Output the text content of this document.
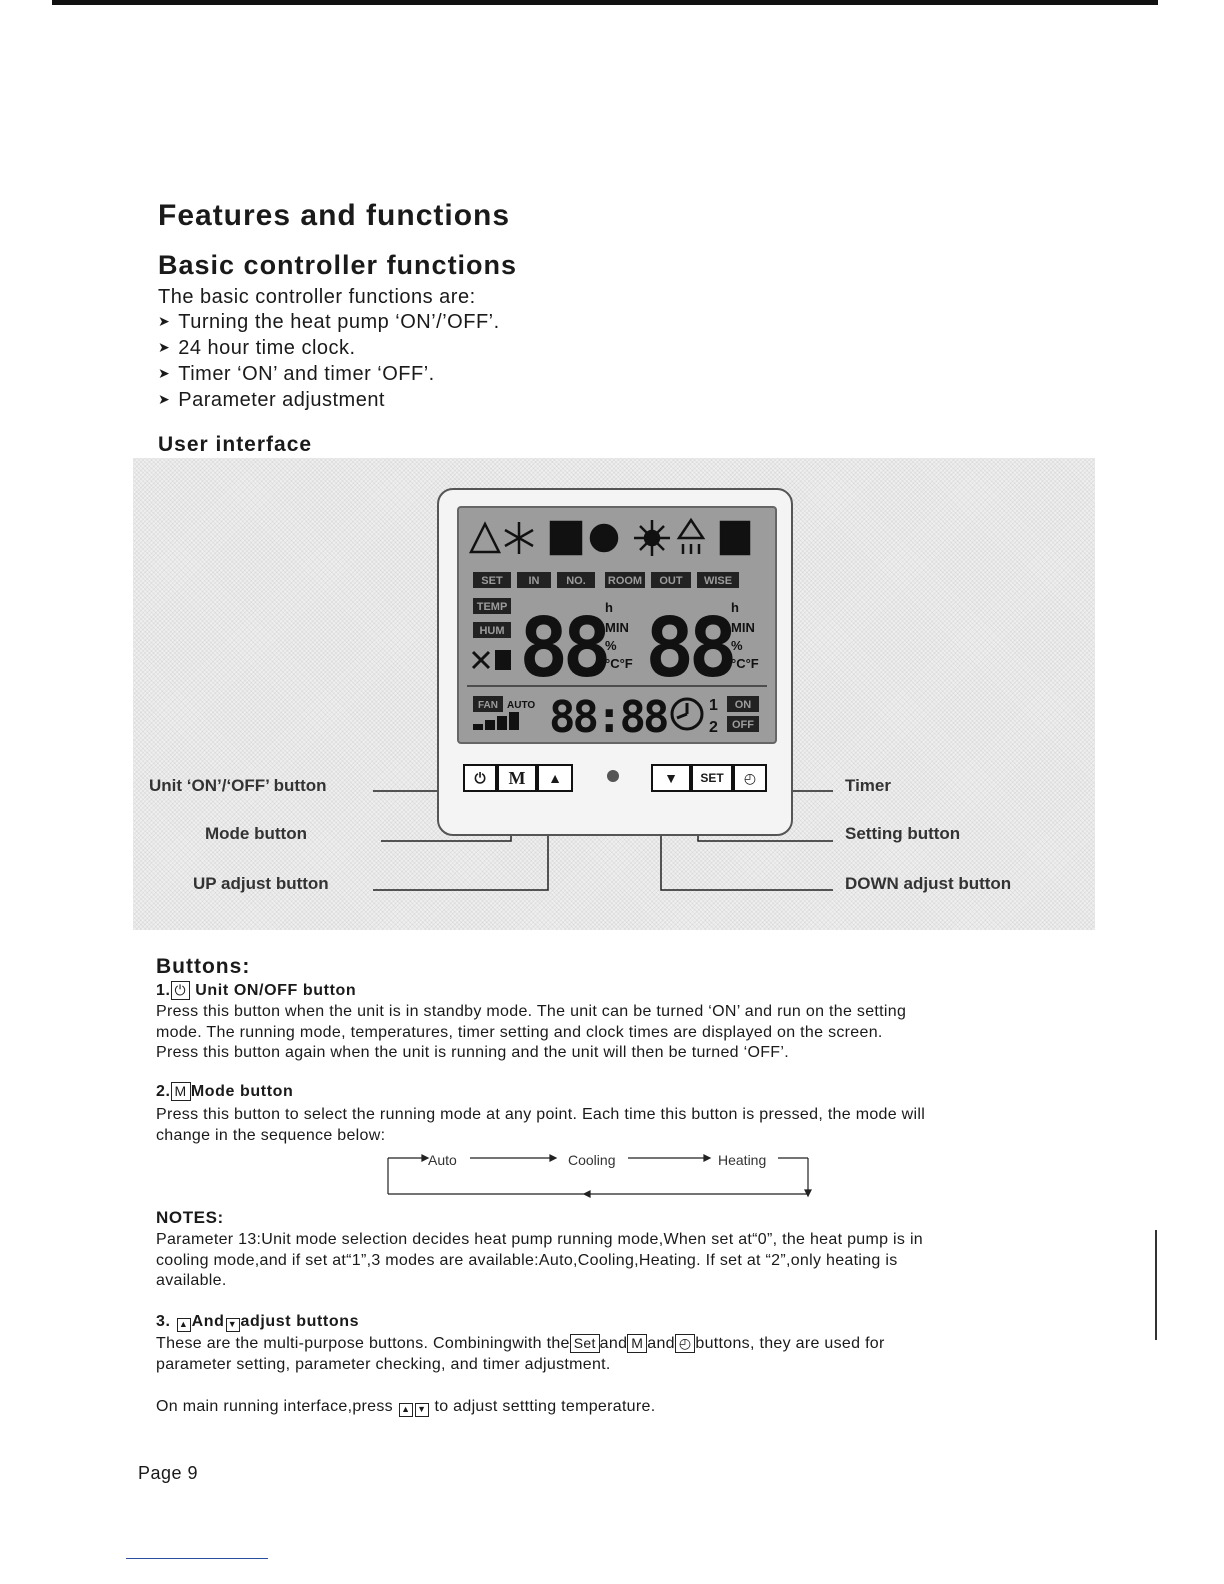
Features and functions
Basic controller functions
The basic controller functions are:
➤ Turning the heat pump ‘ON’/’OFF’.
➤ 24 hour time clock.
➤ Timer ‘ON’ and timer ‘OFF’.
➤ Parameter adjustment
User interface
SET IN NO. ROOM OUT WISE
TEMP
HUM 88 88
h
MIN
%
°C°F
h
MIN
%
°C°F
FAN AUTO 88:88	1
2
ON
OFF
⏻	M	▲	▼	SET	◴
Unit ‘ON’/‘OFF’ button
Mode button
UP adjust button
Timer
Setting button
DOWN adjust button
Buttons:
1. ⏻ Unit ON/OFF button
Press this button when the unit is in standby mode. The unit can be turned ‘ON’ and run on the setting
mode. The running mode, temperatures, timer setting and clock times are displayed on the screen.
Press this button again when the unit is running and the unit will then be turned ‘OFF’.
2. M Mode button
Press this button to select the running mode at any point. Each time this button is pressed, the mode will
change in the sequence below:
Auto	Cooling	Heating
NOTES:
Parameter 13:Unit mode selection decides heat pump running mode,When set at“0”, the heat pump is in
cooling mode,and if set at“1”,3 modes are available:Auto,Cooling,Heating. If set at “2”,only heating is
available.
3. ▲ And ▼ adjust buttons
These are the multi-purpose buttons. Combiningwith the Set and M and ◴ buttons, they are used for
parameter setting, parameter checking, and timer adjustment.
On main running interface,press ▲ ▼ to adjust settting temperature.
Page 9
